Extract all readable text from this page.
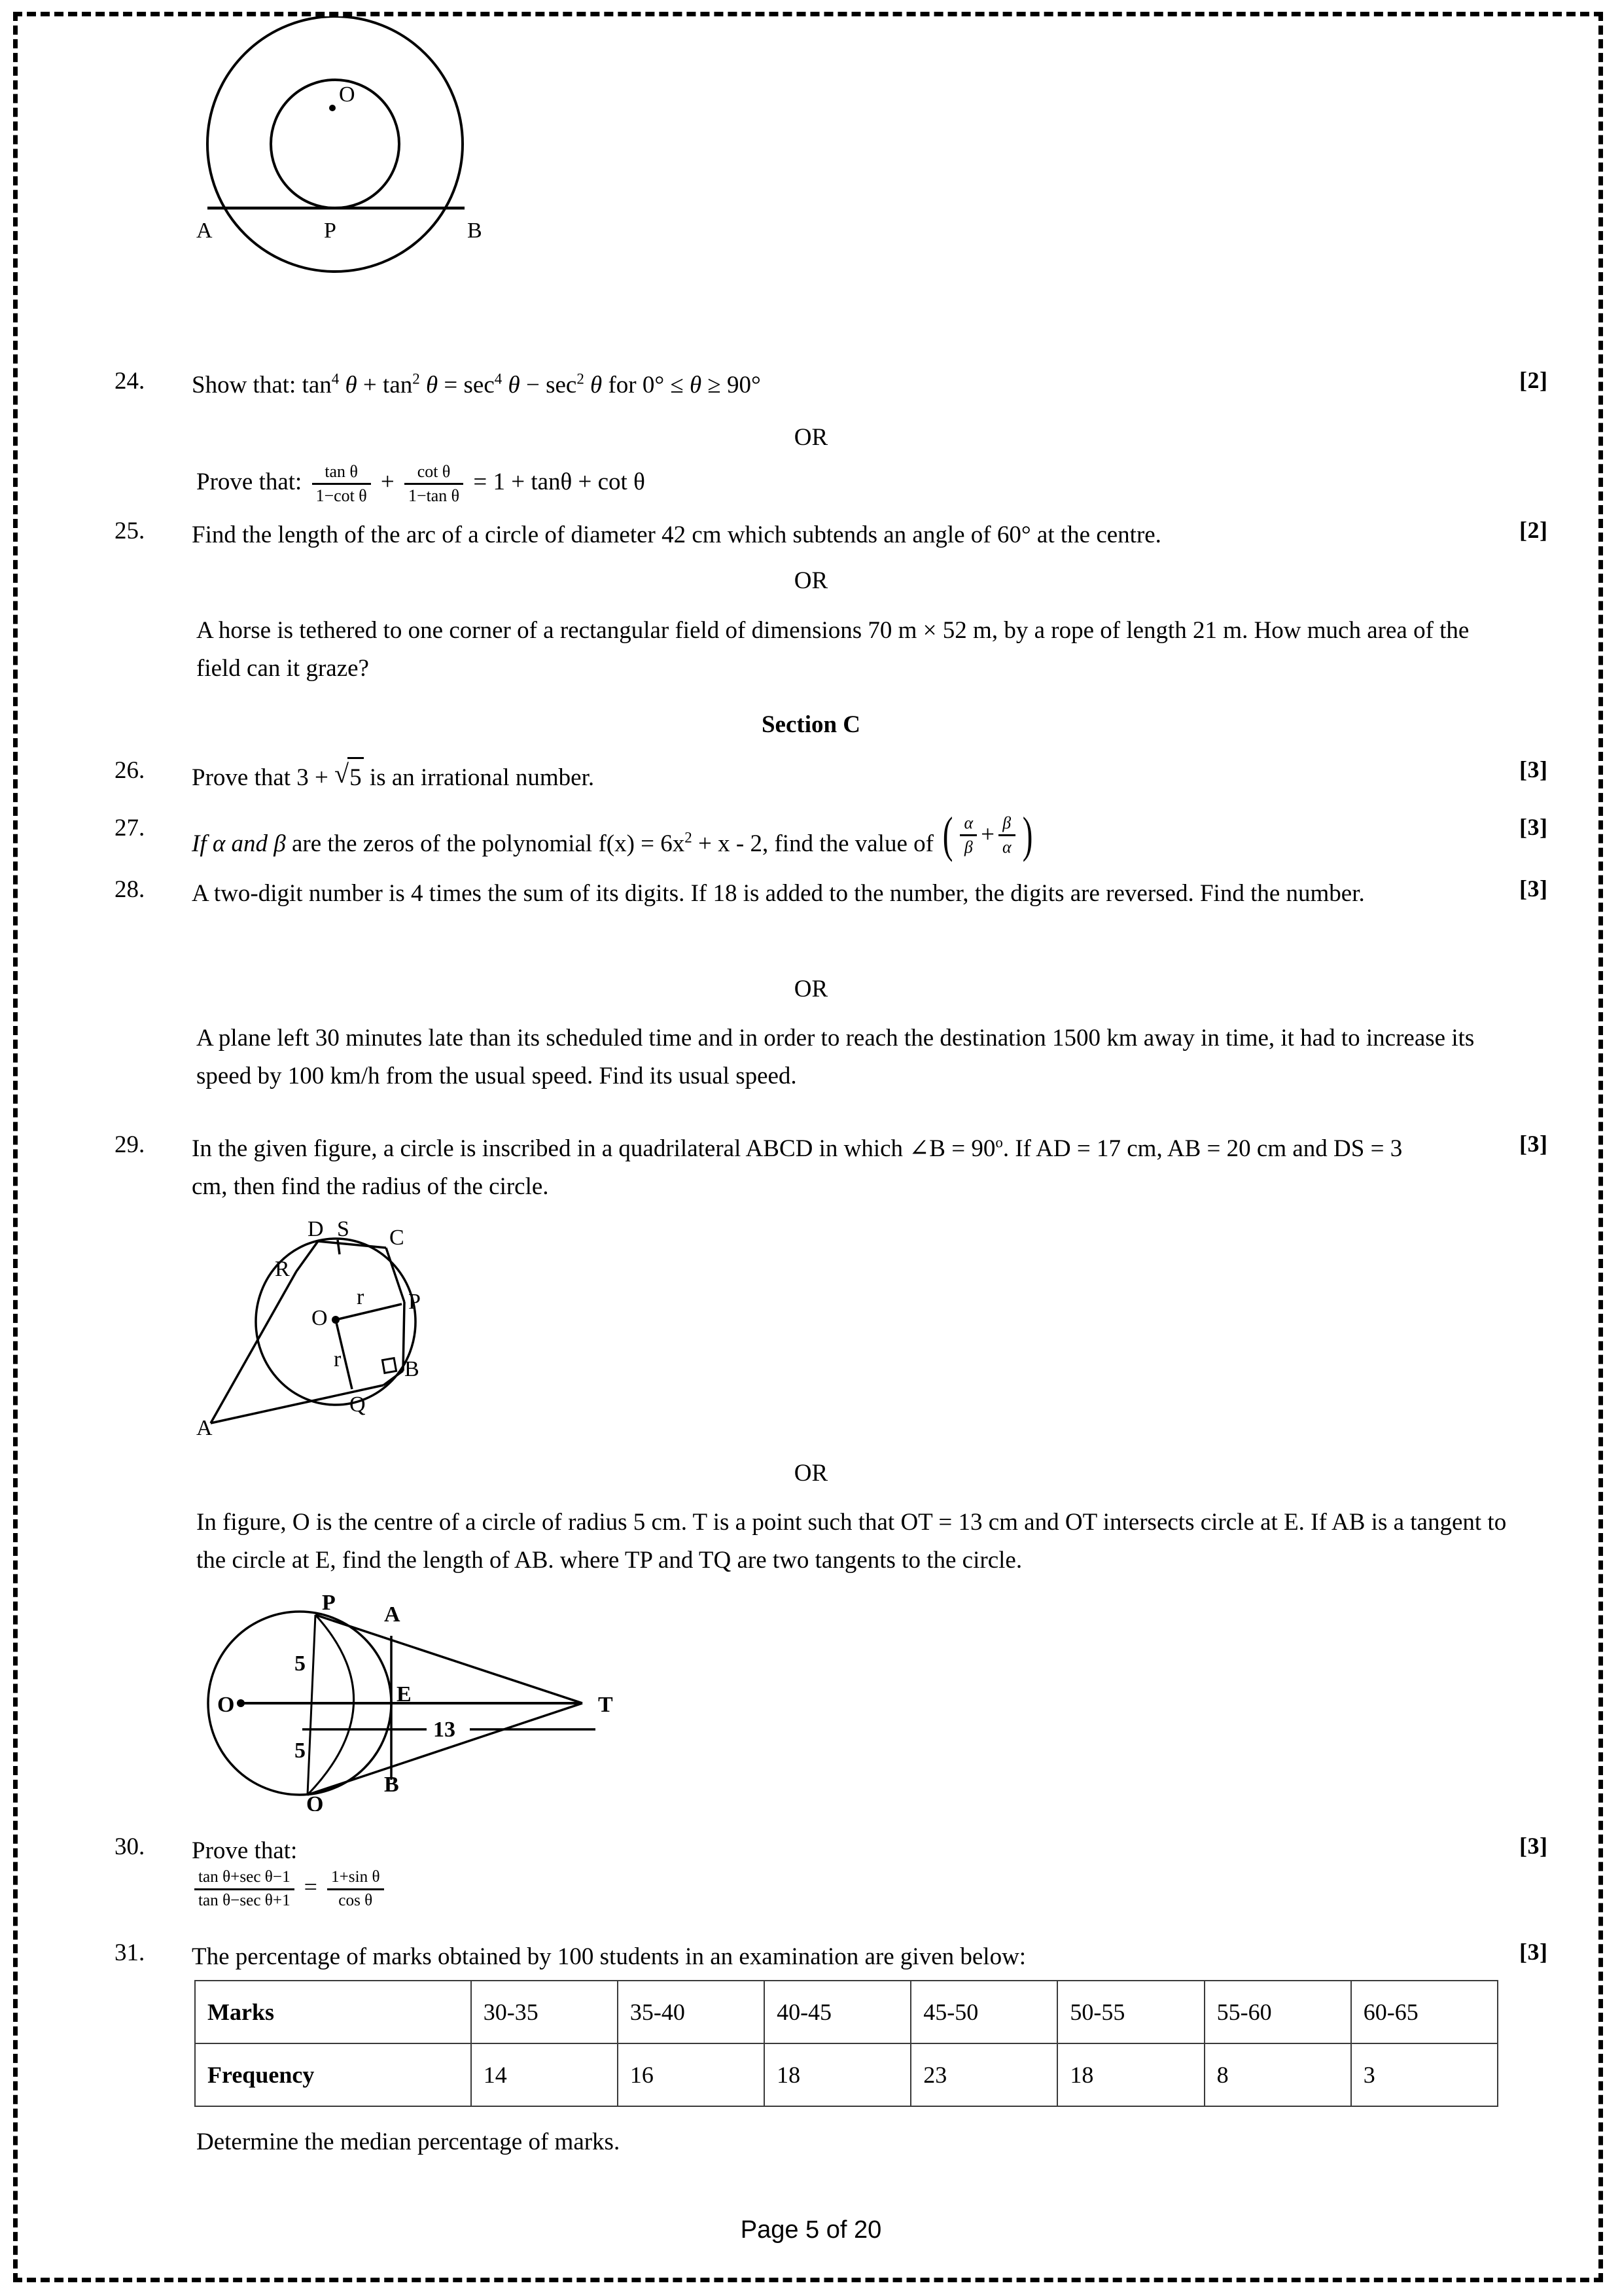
O
A	P	B
24.	Show that: $\tan^4 \theta + \tan^2 \theta = \sec^4 \theta - \sec^2 \theta$ for 0° ≤ θ ≥ 90°	[2]
OR
Prove that: $\frac{\text{tan θ}}{\text{1−cot θ}} + \frac{\text{cot θ}}{\text{1−tan θ}} = 1 + \tan\theta + \cot \theta$
25.	Find the length of the arc of a circle of diameter 42 cm which subtends an angle of 60° at the centre.	[2]
OR
A horse is tethered to one corner of a rectangular field of dimensions 70 m × 52 m, by a rope of length 21 m. How much area of the field can it graze?
Section C
26.	Prove that 3 + √ 5 is an irrational number.	[3]
27.
If α and β are the zeros of the polynomial $f(x) = 6x^2 + x - 2$, find the value of ( $\frac{\alpha}{\beta} + \frac{\beta}{\alpha}$ )	[3]
28.	A two-digit number is 4 times the sum of its digits. If 18 is added to the number, the digits are reversed. Find the number.	[3]
OR
A plane left 30 minutes late than its scheduled time and in order to reach the destination 1500 km away in time, it had to increase its speed by 100 km/h from the usual speed. Find its usual speed.
29.	In the given figure, a circle is inscribed in a quadrilateral ABCD in which ∠B = $90^o$. If AD = 17 cm, AB = 20 cm and DS = 3 cm, then find the radius of the circle.
[3]
D S C
R
O
r P
r	B
Q
A
OR
In figure, O is the centre of a circle of radius 5 cm. T is a point such that OT = 13 cm and OT intersects circle at E. If AB is a tangent to the circle at E, find the length of AB. where TP and TQ are two tangents to the circle.
P A
5
O	E
13
T
5
B
Q
30.	Prove that:	[3]
$\frac{\text{tan θ+sec θ−1}}{\text{tan θ−sec θ+1}} = \frac{\text{1+sin θ}}{\text{cos θ}}$
31.	The percentage of marks obtained by 100 students in an examination are given below:	[3]
Marks	30-35	35-40	40-45	45-50	50-55	55-60	60-65
Frequency	14	16	18	23	18	8	3
Determine the median percentage of marks.
Page 5 of 20
